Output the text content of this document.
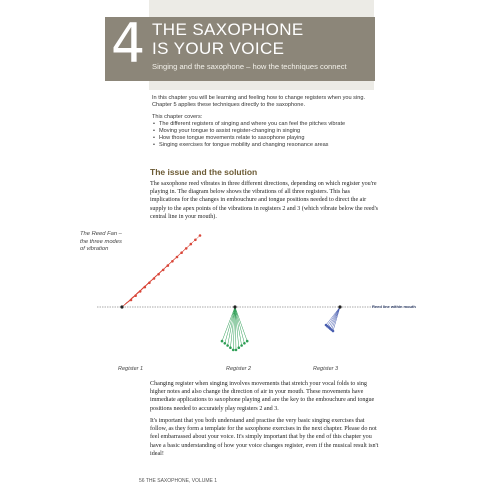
4 THE SAXOPHONE
IS YOUR VOICE
Singing and the saxophone – how the techniques connect

In this chapter you will be learning and feeling how to change registers when you sing. Chapter 5 applies these techniques directly to the saxophone.

This chapter covers:

• The different registers of singing and where you can feel the pitches vibrate
• Moving your tongue to assist register-changing in singing
• How those tongue movements relate to saxophone playing
• Singing exercises for tongue mobility and changing resonance areas
The issue and the solution

The saxophone reed vibrates in three different directions, depending on which register you're playing in. The diagram below shows the vibrations of all three registers. This has implications for the changes in embouchure and tongue positions needed to direct the air supply to the apex points of the vibrations in registers 2 and 3 (which vibrate below the reed's central line in your mouth).

The Reed Fan –
the three modes
of vibration
Reed line within mouth
Register 1	Register 2	Register 3

Changing register when singing involves movements that stretch your vocal folds to sing higher notes and also change the direction of air in your mouth. These movements have immediate applications to saxophone playing and are the key to the embouchure and tongue positions needed to accurately play registers 2 and 3.

It's important that you both understand and practise the very basic singing exercises that follow, as they form a template for the saxophone exercises in the next chapter. Please do not feel embarrassed about your voice. It's simply important that by the end of this chapter you have a basic understanding of how your voice changes register, even if the musical result isn't ideal!

56 THE SAXOPHONE, VOLUME 1
